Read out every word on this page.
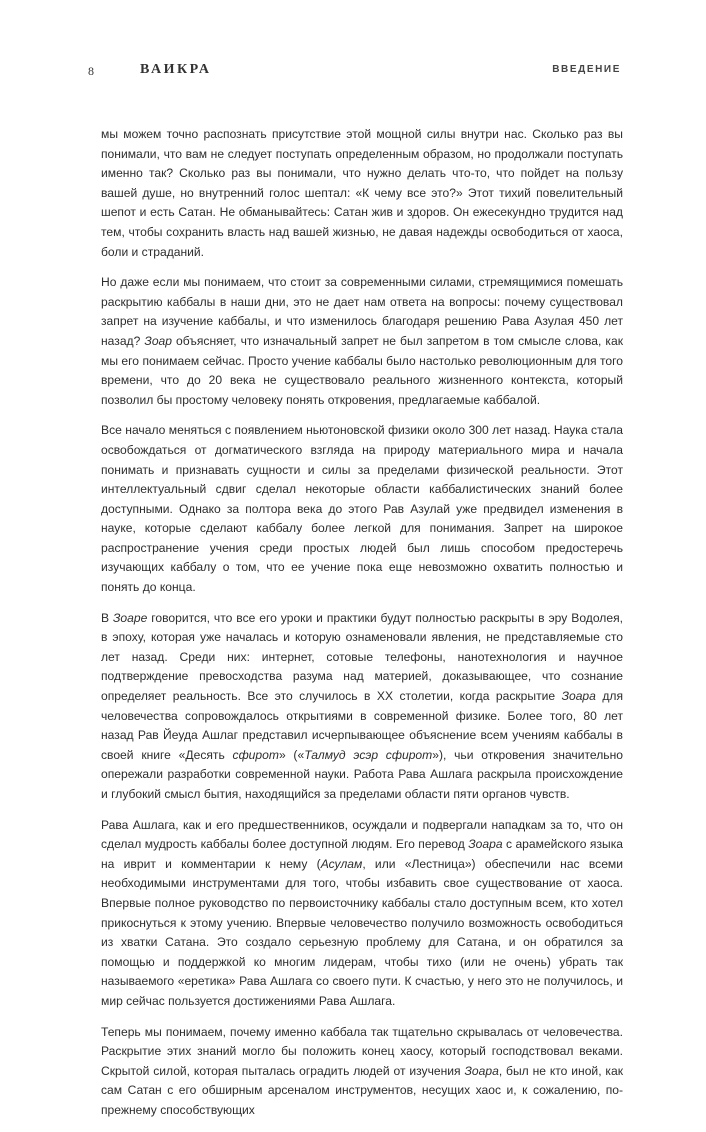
8	ВАИКРА	ВВЕДЕНИЕ

мы можем точно распознать присутствие этой мощной силы внутри нас. Сколько раз вы понимали, что вам не следует поступать определенным образом, но продолжали поступать именно так? Сколько раз вы понимали, что нужно делать что-то, что пойдет на пользу вашей душе, но внутренний голос шептал: «К чему все это?» Этот тихий повелительный шепот и есть Сатан. Не обманывайтесь: Сатан жив и здоров. Он ежесекундно трудится над тем, чтобы сохранить власть над вашей жизнью, не давая надежды освободиться от хаоса, боли и страданий.

Но даже если мы понимаем, что стоит за современными силами, стремящимися помешать раскрытию каббалы в наши дни, это не дает нам ответа на вопросы: почему существовал запрет на изучение каббалы, и что изменилось благодаря решению Рава Азулая 450 лет назад? Зоар объясняет, что изначальный запрет не был запретом в том смысле слова, как мы его понимаем сейчас. Просто учение каббалы было настолько революционным для того времени, что до 20 века не существовало реального жизненного контекста, который позволил бы простому человеку понять откровения, предлагаемые каббалой.

Все начало меняться с появлением ньютоновской физики около 300 лет назад. Наука стала освобождаться от догматического взгляда на природу материального мира и начала понимать и признавать сущности и силы за пределами физической реальности. Этот интеллектуальный сдвиг сделал некоторые области каббалистических знаний более доступными. Однако за полтора века до этого Рав Азулай уже предвидел изменения в науке, которые сделают каббалу более легкой для понимания. Запрет на широкое распространение учения среди простых людей был лишь способом предостеречь изучающих каббалу о том, что ее учение пока еще невозможно охватить полностью и понять до конца.

В Зоаре говорится, что все его уроки и практики будут полностью раскрыты в эру Водолея, в эпоху, которая уже началась и которую ознаменовали явления, не представляемые сто лет назад. Среди них: интернет, сотовые телефоны, нанотехнология и научное подтверждение превосходства разума над материей, доказывающее, что сознание определяет реальность. Все это случилось в XX столетии, когда раскрытие Зоара для человечества сопровождалось открытиями в современной физике. Более того, 80 лет назад Рав Йеуда Ашлаг представил исчерпывающее объяснение всем учениям каббалы в своей книге «Десять сфирот» («Талмуд эсэр сфирот»), чьи откровения значительно опережали разработки современной науки. Работа Рава Ашлага раскрыла происхождение и глубокий смысл бытия, находящийся за пределами области пяти органов чувств.

Рава Ашлага, как и его предшественников, осуждали и подвергали нападкам за то, что он сделал мудрость каббалы более доступной людям. Его перевод Зоара с арамейского языка на иврит и комментарии к нему (Асулам, или «Лестница») обеспечили нас всеми необходимыми инструментами для того, чтобы избавить свое существование от хаоса. Впервые полное руководство по первоисточнику каббалы стало доступным всем, кто хотел прикоснуться к этому учению. Впервые человечество получило возможность освободиться из хватки Сатана. Это создало серьезную проблему для Сатана, и он обратился за помощью и поддержкой ко многим лидерам, чтобы тихо (или не очень) убрать так называемого «еретика» Рава Ашлага со своего пути. К счастью, у него это не получилось, и мир сейчас пользуется достижениями Рава Ашлага.

Теперь мы понимаем, почему именно каббала так тщательно скрывалась от человечества. Раскрытие этих знаний могло бы положить конец хаосу, который господствовал веками. Скрытой силой, которая пыталась оградить людей от изучения Зоара, был не кто иной, как сам Сатан с его обширным арсеналом инструментов, несущих хаос и, к сожалению, по-прежнему способствующих
